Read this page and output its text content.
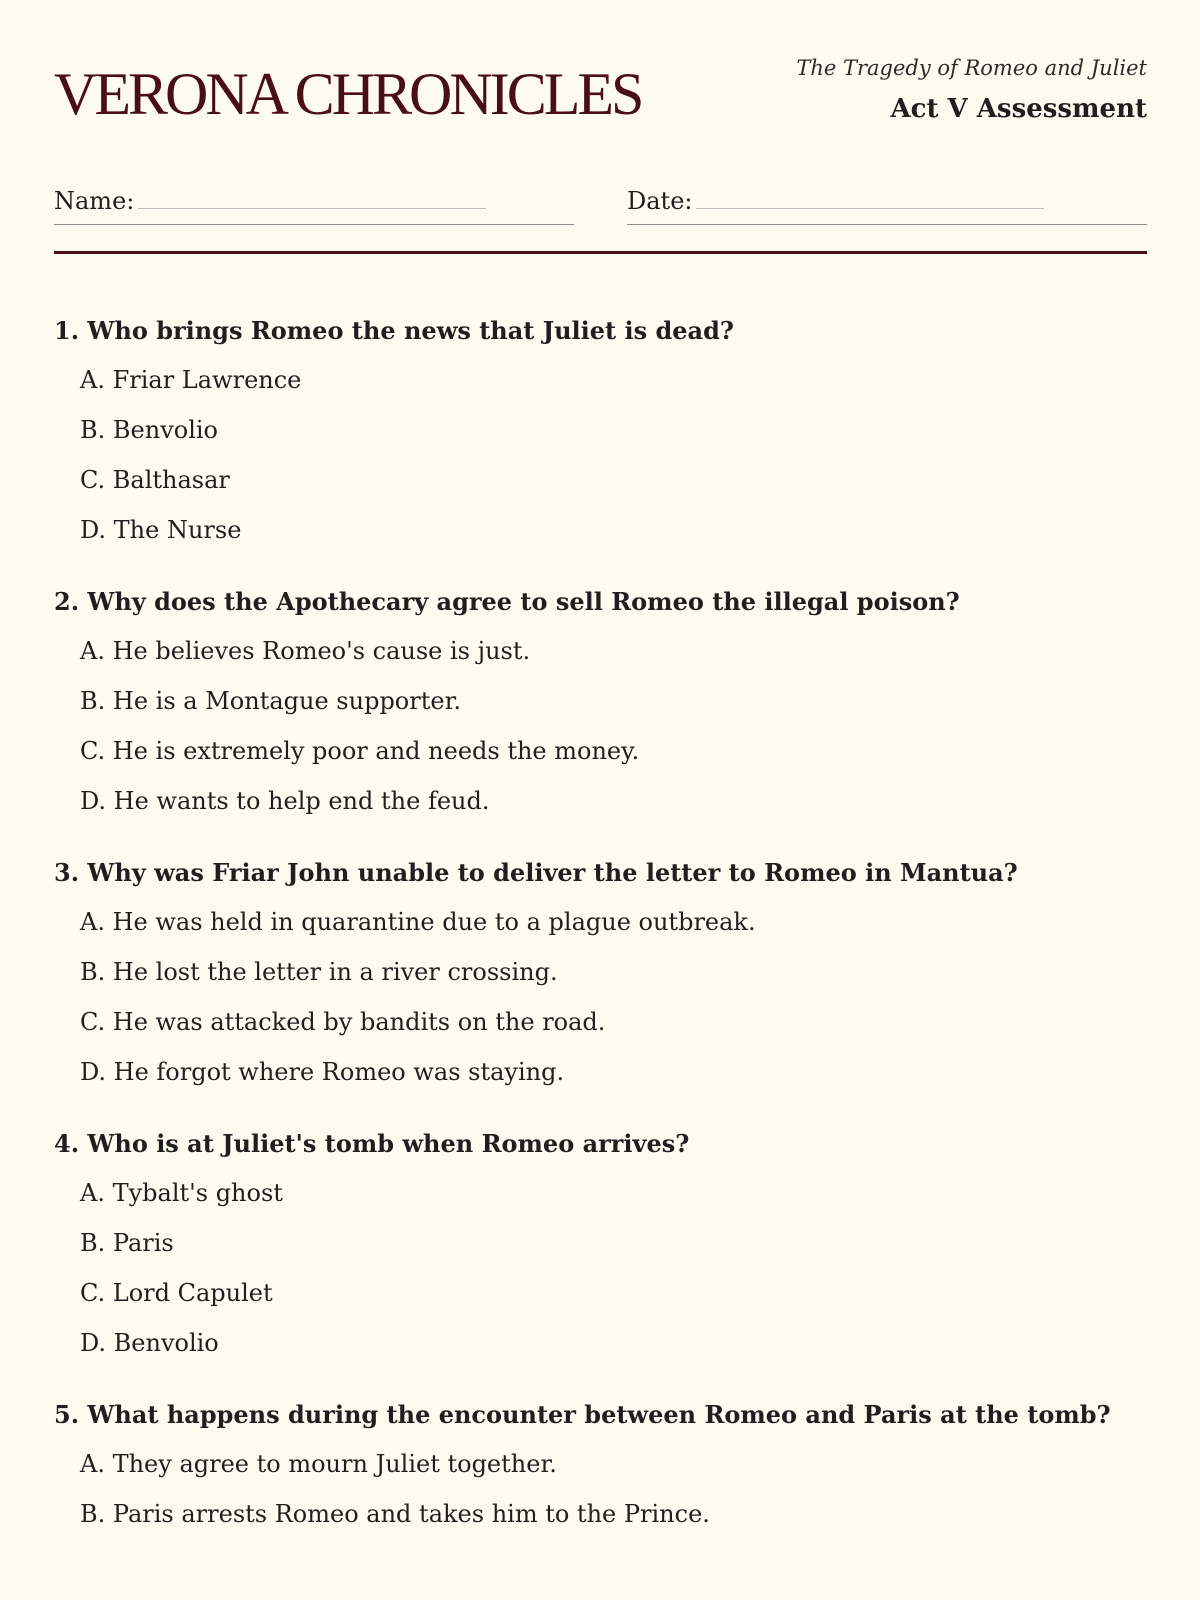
VERONA CHRONICLES	The Tragedy of Romeo and Juliet
Act V Assessment
Name:	Date:
1. Who brings Romeo the news that Juliet is dead?
A. Friar Lawrence
B. Benvolio
C. Balthasar
D. The Nurse
2. Why does the Apothecary agree to sell Romeo the illegal poison?
A. He believes Romeo's cause is just.
B. He is a Montague supporter.
C. He is extremely poor and needs the money.
D. He wants to help end the feud.
3. Why was Friar John unable to deliver the letter to Romeo in Mantua?
A. He was held in quarantine due to a plague outbreak.
B. He lost the letter in a river crossing.
C. He was attacked by bandits on the road.
D. He forgot where Romeo was staying.
4. Who is at Juliet's tomb when Romeo arrives?
A. Tybalt's ghost
B. Paris
C. Lord Capulet
D. Benvolio
5. What happens during the encounter between Romeo and Paris at the tomb?
A. They agree to mourn Juliet together.
B. Paris arrests Romeo and takes him to the Prince.
